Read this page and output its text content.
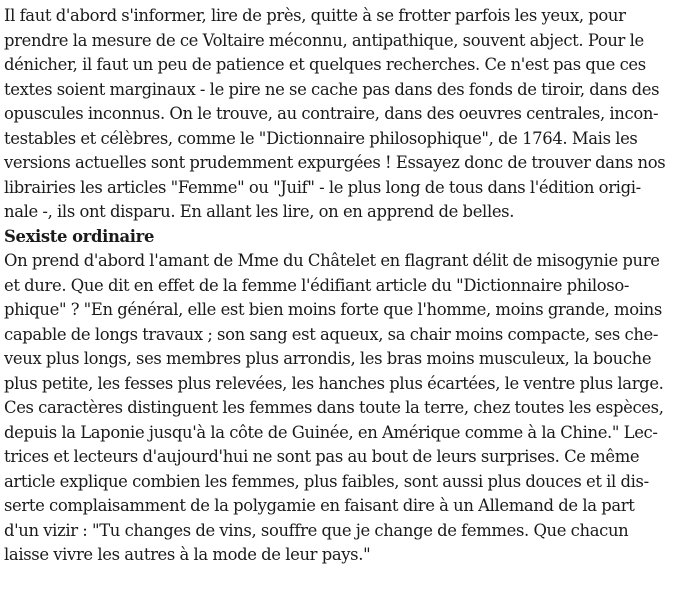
Il faut d'abord s'informer, lire de près, quitte à se frotter parfois les yeux, pour
prendre la mesure de ce Voltaire méconnu, antipathique, souvent abject. Pour le
dénicher, il faut un peu de patience et quelques recherches. Ce n'est pas que ces
textes soient marginaux - le pire ne se cache pas dans des fonds de tiroir, dans des
opuscules inconnus. On le trouve, au contraire, dans des oeuvres centrales, incon-
testables et célèbres, comme le "Dictionnaire philosophique", de 1764. Mais les
versions actuelles sont prudemment expurgées ! Essayez donc de trouver dans nos
librairies les articles "Femme" ou "Juif" - le plus long de tous dans l'édition origi-
nale -, ils ont disparu. En allant les lire, on en apprend de belles.
Sexiste ordinaire
On prend d'abord l'amant de Mme du Châtelet en flagrant délit de misogynie pure
et dure. Que dit en effet de la femme l'édifiant article du "Dictionnaire philoso-
phique" ? "En général, elle est bien moins forte que l'homme, moins grande, moins
capable de longs travaux ; son sang est aqueux, sa chair moins compacte, ses che-
veux plus longs, ses membres plus arrondis, les bras moins musculeux, la bouche
plus petite, les fesses plus relevées, les hanches plus écartées, le ventre plus large.
Ces caractères distinguent les femmes dans toute la terre, chez toutes les espèces,
depuis la Laponie jusqu'à la côte de Guinée, en Amérique comme à la Chine." Lec-
trices et lecteurs d'aujourd'hui ne sont pas au bout de leurs surprises. Ce même
article explique combien les femmes, plus faibles, sont aussi plus douces et il dis-
serte complaisamment de la polygamie en faisant dire à un Allemand de la part
d'un vizir : "Tu changes de vins, souffre que je change de femmes. Que chacun
laisse vivre les autres à la mode de leur pays."
